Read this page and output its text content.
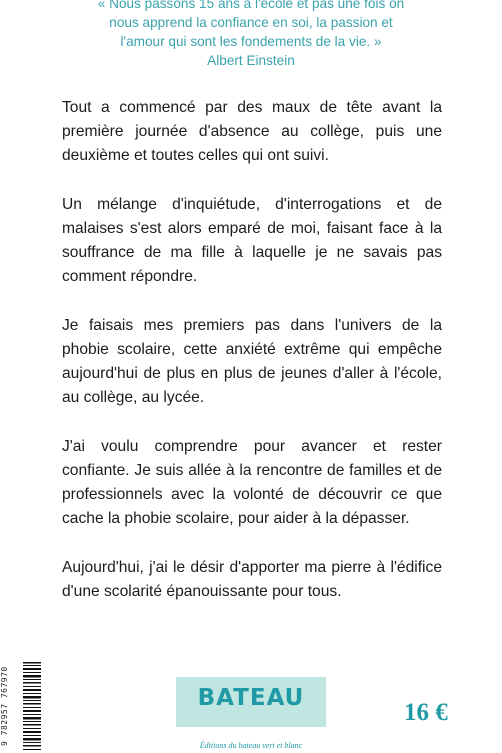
« Nous passons 15 ans à l'école et pas une fois on
nous apprend la confiance en soi, la passion et
l'amour qui sont les fondements de la vie. »
Albert Einstein

Tout a commencé par des maux de tête avant la première journée d'absence au collège, puis une deuxième et toutes celles qui ont suivi.

Un mélange d'inquiétude, d'interrogations et de malaises s'est alors emparé de moi, faisant face à la souffrance de ma fille à laquelle je ne savais pas comment répondre.

Je faisais mes premiers pas dans l'univers de la phobie scolaire, cette anxiété extrême qui empêche aujourd'hui de plus en plus de jeunes d'aller à l'école, au collège, au lycée.

J'ai voulu comprendre pour avancer et rester confiante. Je suis allée à la rencontre de familles et de professionnels avec la volonté de découvrir ce que cache la phobie scolaire, pour aider à la dépasser.

Aujourd'hui, j'ai le désir d'apporter ma pierre à l'édifice d'une scolarité épanouissante pour tous.

9 782957 767970	BATEAU
Éditions du bateau vert et blanc
16 €
